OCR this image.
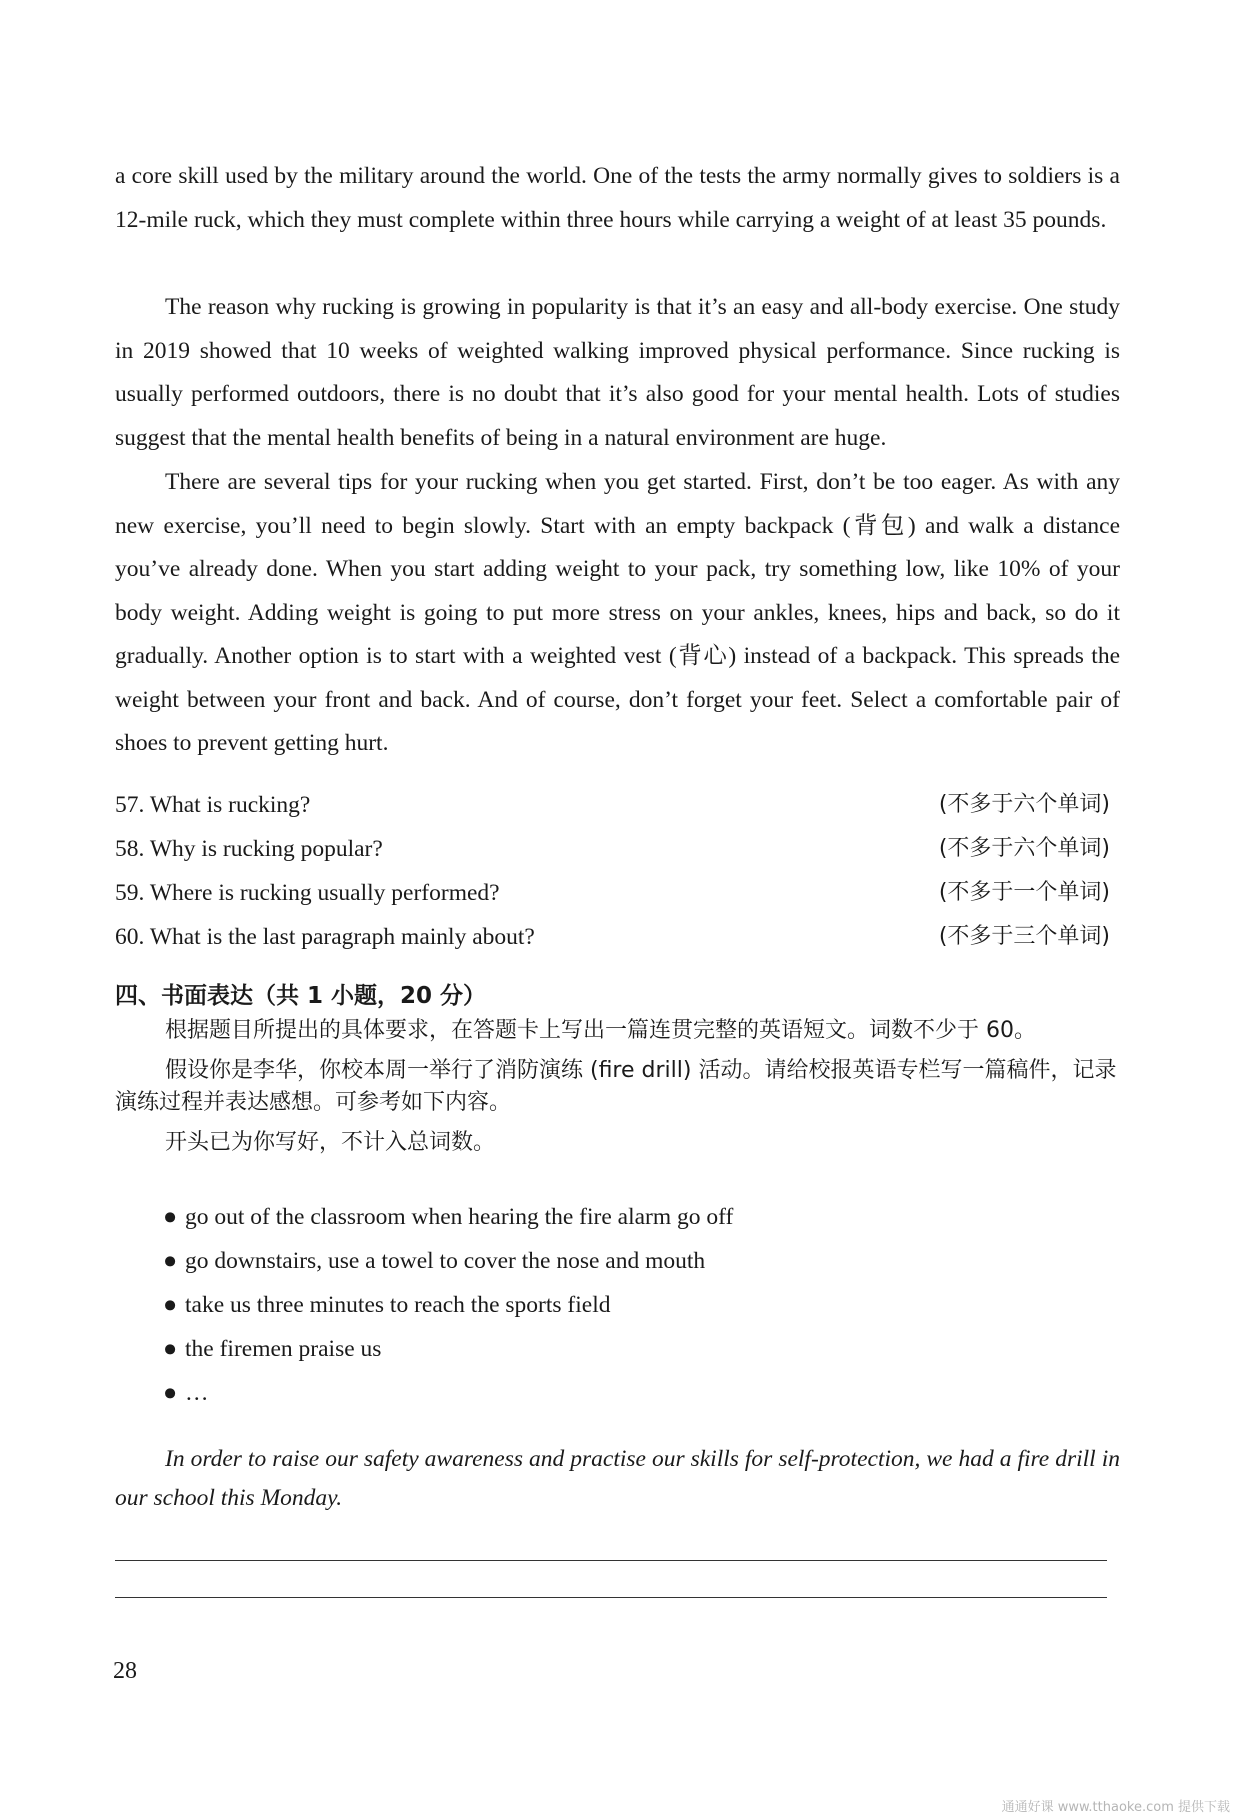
a core skill used by the military around the world. One of the tests the army normally gives to soldiers is a 12-mile ruck, which they must complete within three hours while carrying a weight of at least 35 pounds.

The reason why rucking is growing in popularity is that it’s an easy and all-body exercise. One study in 2019 showed that 10 weeks of weighted walking improved physical performance. Since rucking is usually performed outdoors, there is no doubt that it’s also good for your mental health. Lots of studies suggest that the mental health benefits of being in a natural environment are huge.

There are several tips for your rucking when you get started. First, don’t be too eager. As with any new exercise, you’ll need to begin slowly. Start with an empty backpack (背包) and walk a distance you’ve already done. When you start adding weight to your pack, try something low, like 10% of your body weight. Adding weight is going to put more stress on your ankles, knees, hips and back, so do it gradually. Another option is to start with a weighted vest (背心) instead of a backpack. This spreads the weight between your front and back. And of course, don’t forget your feet. Select a comfortable pair of shoes to prevent getting hurt.

57. What is rucking?	(不多于六个单词)
58. Why is rucking popular?	(不多于六个单词)
59. Where is rucking usually performed?	(不多于一个单词)
60. What is the last paragraph mainly about?	(不多于三个单词)
四、书面表达（共 1 小题，20 分）

根据题目所提出的具体要求，在答题卡上写出一篇连贯完整的英语短文。词数不少于 60。

假设你是李华，你校本周一举行了消防演练 (fire drill) 活动。请给校报英语专栏写一篇稿件，记录演练过程并表达感想。可参考如下内容。

开头已为你写好，不计入总词数。

● go out of the classroom when hearing the fire alarm go off
● go downstairs, use a towel to cover the nose and mouth
● take us three minutes to reach the sports field
● the firemen praise us
● …

In order to raise our safety awareness and practise our skills for self-protection, we had a fire drill in our school this Monday.

28
通通好课 www.tthaoke.com 提供下载
